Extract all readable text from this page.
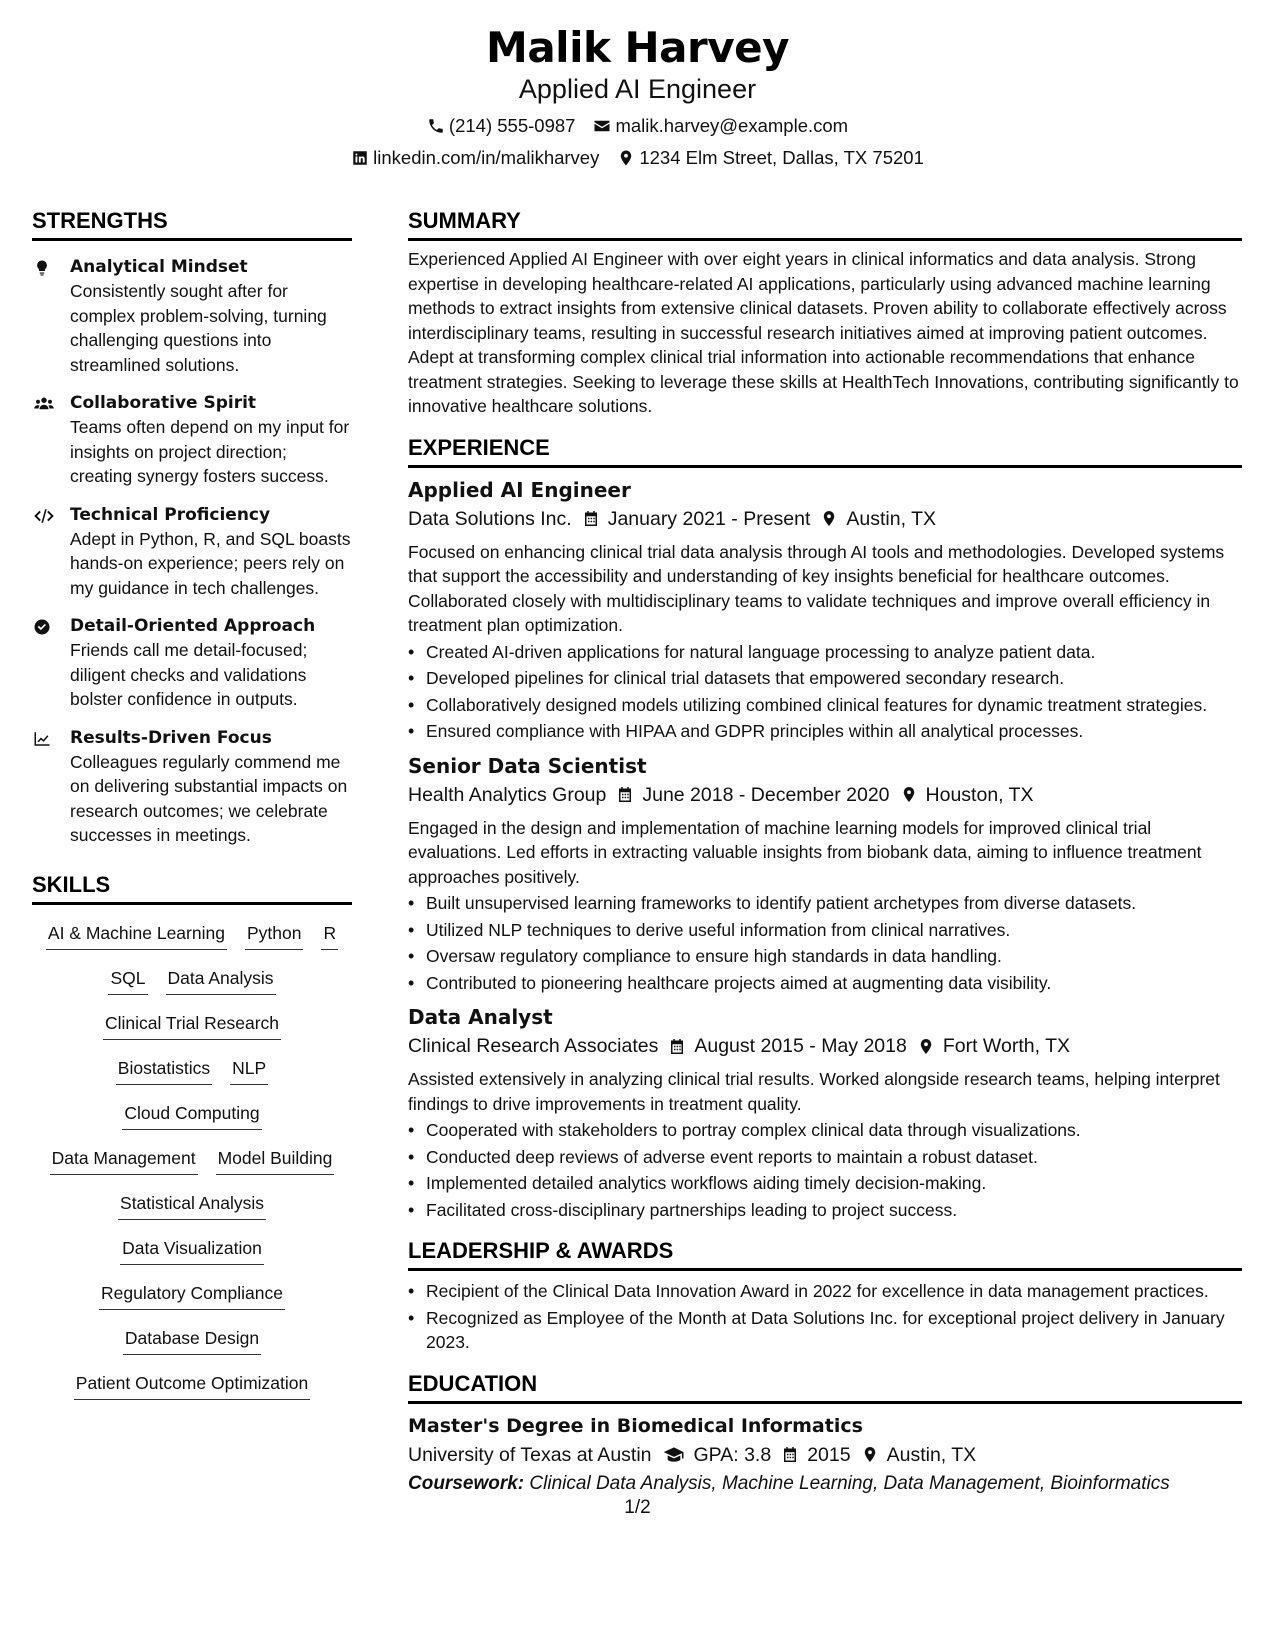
Malik Harvey
Applied AI Engineer
(214) 555-0987 malik.harvey@example.com
linkedin.com/in/malikharvey 1234 Elm Street, Dallas, TX 75201
STRENGTHS
Analytical Mindset
Consistently sought after for complex problem-solving, turning challenging questions into streamlined solutions.
Collaborative Spirit
Teams often depend on my input for insights on project direction; creating synergy fosters success.
Technical Proficiency
Adept in Python, R, and SQL boasts hands-on experience; peers rely on my guidance in tech challenges.
Detail-Oriented Approach
Friends call me detail-focused; diligent checks and validations bolster confidence in outputs.
Results-Driven Focus
Colleagues regularly commend me on delivering substantial impacts on research outcomes; we celebrate successes in meetings.
SKILLS
AI & Machine Learning Python R
SQL Data Analysis
Clinical Trial Research
Biostatistics NLP
Cloud Computing
Data Management Model Building
Statistical Analysis
Data Visualization
Regulatory Compliance
Database Design
Patient Outcome Optimization
SUMMARY
Experienced Applied AI Engineer with over eight years in clinical informatics and data analysis. Strong expertise in developing healthcare-related AI applications, particularly using advanced machine learning methods to extract insights from extensive clinical datasets. Proven ability to collaborate effectively across interdisciplinary teams, resulting in successful research initiatives aimed at improving patient outcomes. Adept at transforming complex clinical trial information into actionable recommendations that enhance treatment strategies. Seeking to leverage these skills at HealthTech Innovations, contributing significantly to innovative healthcare solutions.
EXPERIENCE
Applied AI Engineer
Data Solutions Inc. January 2021 - Present Austin, TX
Focused on enhancing clinical trial data analysis through AI tools and methodologies. Developed systems that support the accessibility and understanding of key insights beneficial for healthcare outcomes. Collaborated closely with multidisciplinary teams to validate techniques and improve overall efficiency in treatment plan optimization.
• Created AI-driven applications for natural language processing to analyze patient data.
• Developed pipelines for clinical trial datasets that empowered secondary research.
• Collaboratively designed models utilizing combined clinical features for dynamic treatment strategies.
• Ensured compliance with HIPAA and GDPR principles within all analytical processes.
Senior Data Scientist
Health Analytics Group June 2018 - December 2020 Houston, TX
Engaged in the design and implementation of machine learning models for improved clinical trial evaluations. Led efforts in extracting valuable insights from biobank data, aiming to influence treatment approaches positively.
• Built unsupervised learning frameworks to identify patient archetypes from diverse datasets.
• Utilized NLP techniques to derive useful information from clinical narratives.
• Oversaw regulatory compliance to ensure high standards in data handling.
• Contributed to pioneering healthcare projects aimed at augmenting data visibility.
Data Analyst
Clinical Research Associates August 2015 - May 2018 Fort Worth, TX
Assisted extensively in analyzing clinical trial results. Worked alongside research teams, helping interpret findings to drive improvements in treatment quality.
• Cooperated with stakeholders to portray complex clinical data through visualizations.
• Conducted deep reviews of adverse event reports to maintain a robust dataset.
• Implemented detailed analytics workflows aiding timely decision-making.
• Facilitated cross-disciplinary partnerships leading to project success.
LEADERSHIP & AWARDS
• Recipient of the Clinical Data Innovation Award in 2022 for excellence in data management practices.
• Recognized as Employee of the Month at Data Solutions Inc. for exceptional project delivery in January 2023.
EDUCATION
Master's Degree in Biomedical Informatics
University of Texas at Austin GPA: 3.8 2015 Austin, TX
Coursework: Clinical Data Analysis, Machine Learning, Data Management, Bioinformatics
1/2
